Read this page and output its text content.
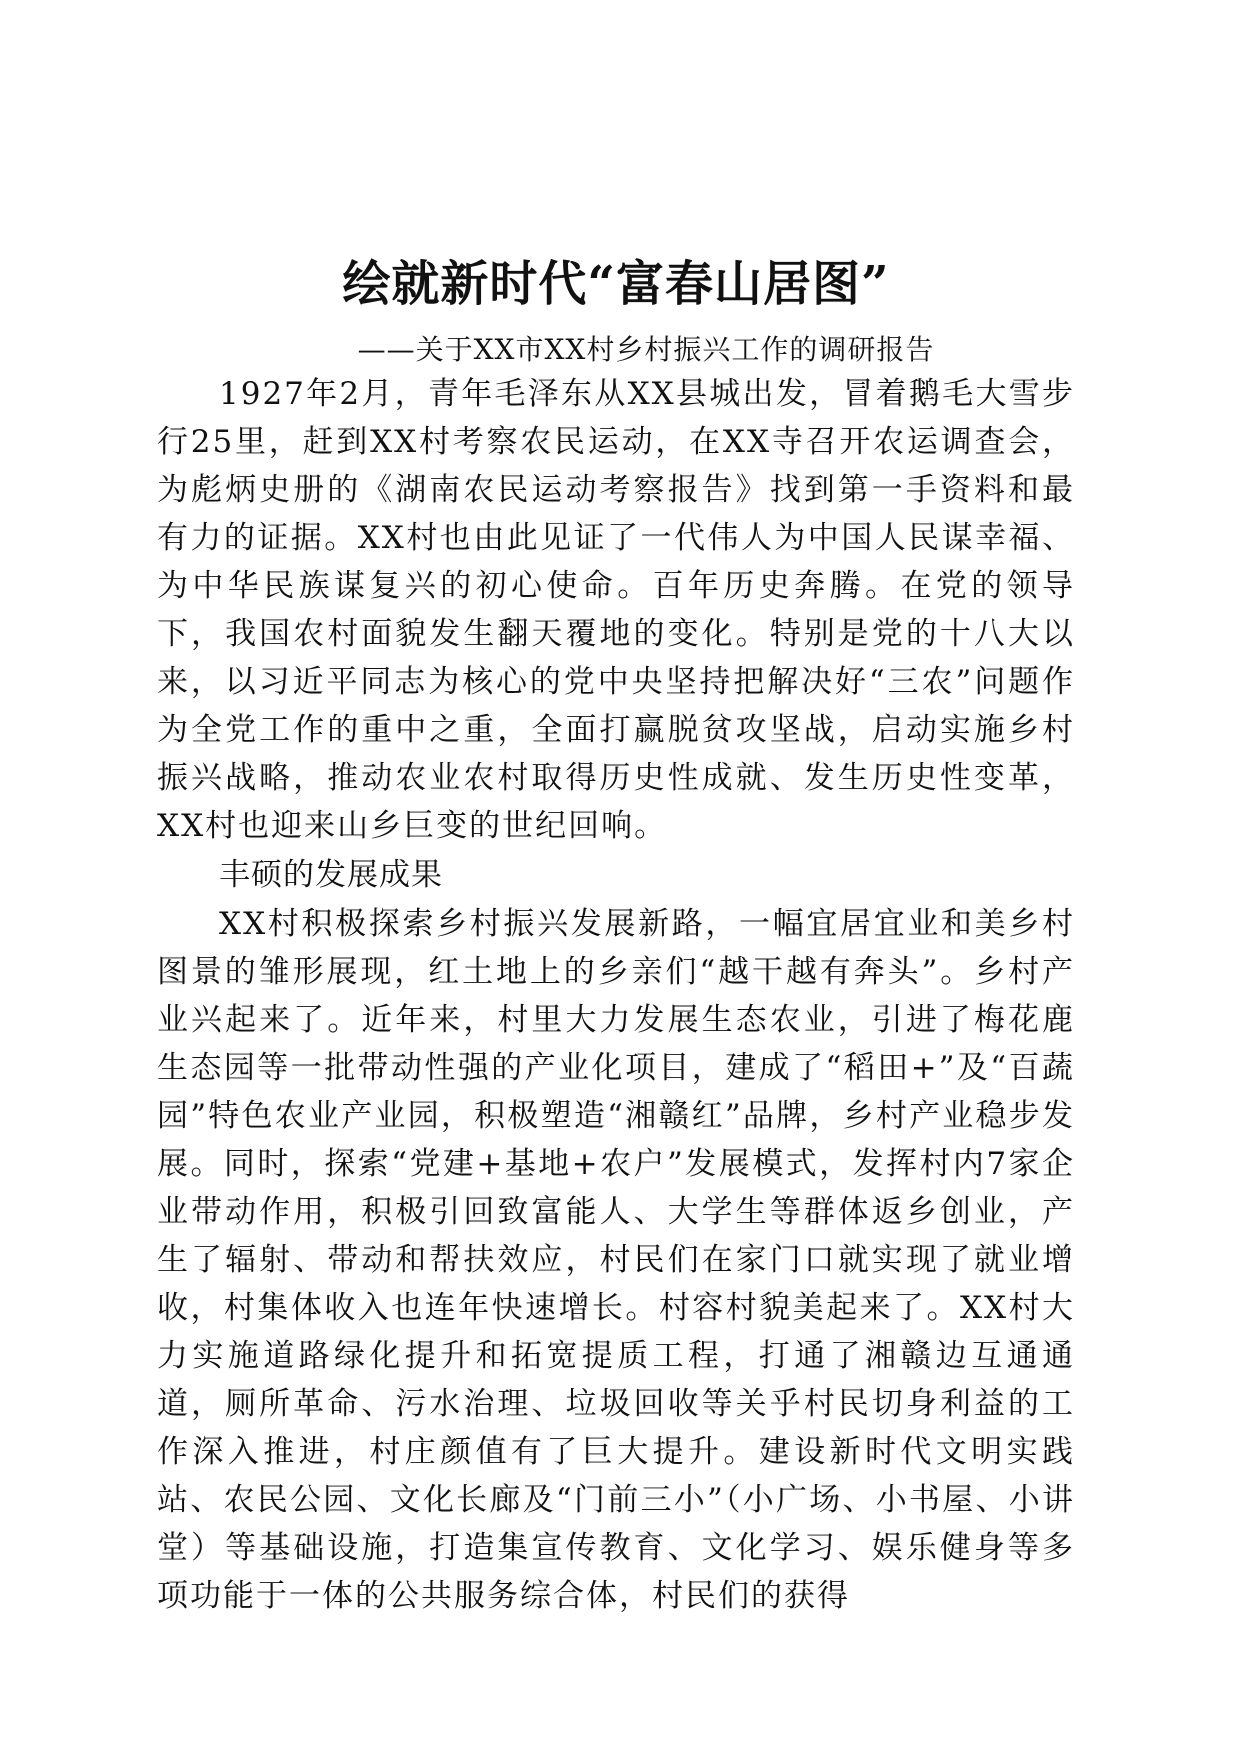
绘就新时代“富春山居图”

——关于XX市XX村乡村振兴工作的调研报告

1927年2月，青年毛泽东从XX县城出发，冒着鹅毛大雪步行25里，赶到XX村考察农民运动，在XX寺召开农运调查会，为彪炳史册的《湖南农民运动考察报告》找到第一手资料和最有力的证据。XX村也由此见证了一代伟人为中国人民谋幸福、为中华民族谋复兴的初心使命。百年历史奔腾。在党的领导下，我国农村面貌发生翻天覆地的变化。特别是党的十八大以来，以习近平同志为核心的党中央坚持把解决好“三农”问题作为全党工作的重中之重，全面打赢脱贫攻坚战，启动实施乡村振兴战略，推动农业农村取得历史性成就、发生历史性变革，XX村也迎来山乡巨变的世纪回响。

丰硕的发展成果

XX村积极探索乡村振兴发展新路，一幅宜居宜业和美乡村图景的雏形展现，红土地上的乡亲们“越干越有奔头”。乡村产业兴起来了。近年来，村里大力发展生态农业，引进了梅花鹿生态园等一批带动性强的产业化项目，建成了“稻田+”及“百蔬园”特色农业产业园，积极塑造“湘赣红”品牌，乡村产业稳步发展。同时，探索“党建+基地+农户”发展模式，发挥村内7家企业带动作用，积极引回致富能人、大学生等群体返乡创业，产生了辐射、带动和帮扶效应，村民们在家门口就实现了就业增收，村集体收入也连年快速增长。村容村貌美起来了。XX村大力实施道路绿化提升和拓宽提质工程，打通了湘赣边互通通道，厕所革命、污水治理、垃圾回收等关乎村民切身利益的工作深入推进，村庄颜值有了巨大提升。建设新时代文明实践站、农民公园、文化长廊及“门前三小”（小广场、小书屋、小讲堂）等基础设施，打造集宣传教育、文化学习、娱乐健身等多项功能于一体的公共服务综合体，村民们的获得
